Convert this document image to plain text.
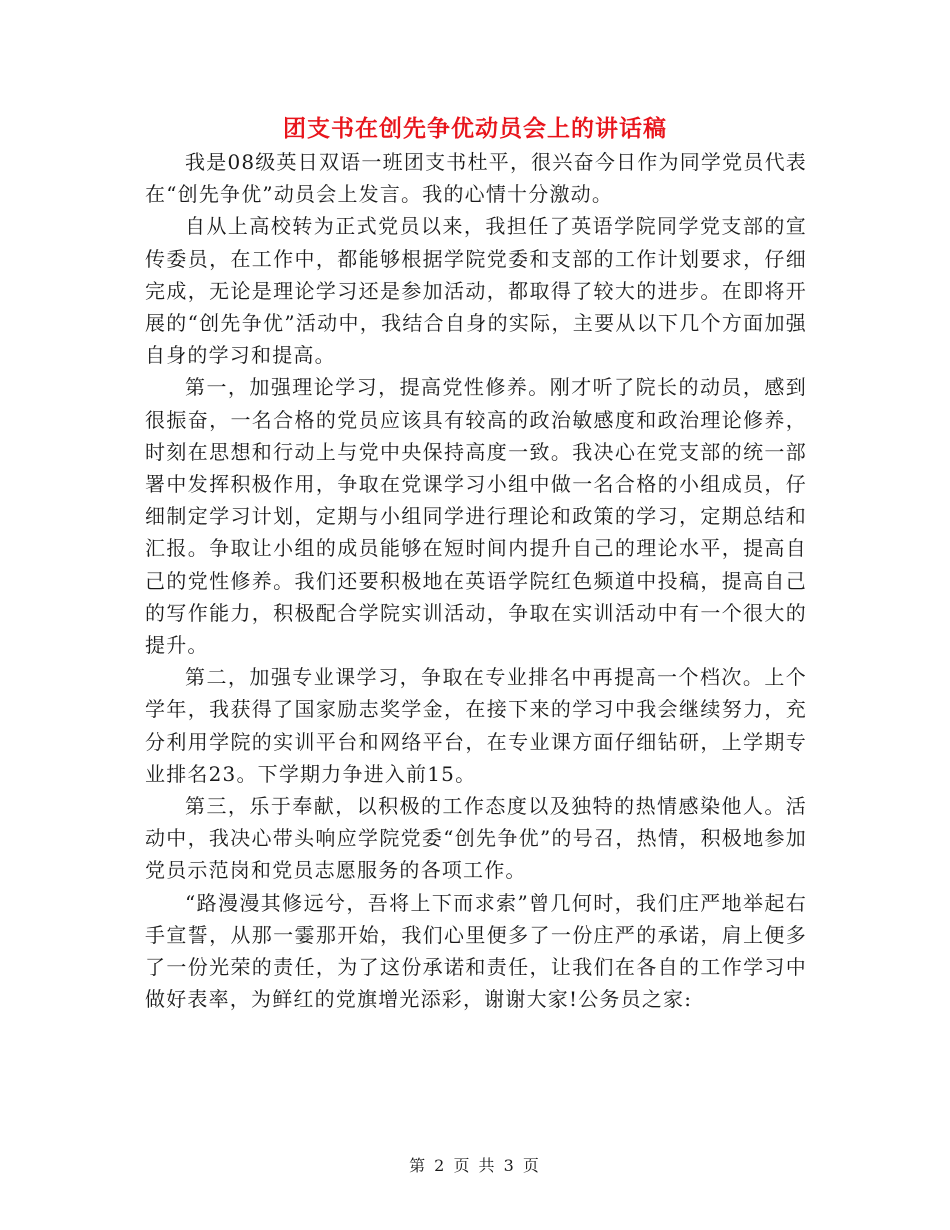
团支书在创先争优动员会上的讲话稿

我是08级英日双语一班团支书杜平，很兴奋今日作为同学党员代表在“创先争优”动员会上发言。我的心情十分激动。

自从上高校转为正式党员以来，我担任了英语学院同学党支部的宣传委员，在工作中，都能够根据学院党委和支部的工作计划要求，仔细完成，无论是理论学习还是参加活动，都取得了较大的进步。在即将开展的“创先争优”活动中，我结合自身的实际，主要从以下几个方面加强自身的学习和提高。

第一，加强理论学习，提高党性修养。刚才听了院长的动员，感到很振奋，一名合格的党员应该具有较高的政治敏感度和政治理论修养，时刻在思想和行动上与党中央保持高度一致。我决心在党支部的统一部署中发挥积极作用，争取在党课学习小组中做一名合格的小组成员，仔细制定学习计划，定期与小组同学进行理论和政策的学习，定期总结和汇报。争取让小组的成员能够在短时间内提升自己的理论水平，提高自己的党性修养。我们还要积极地在英语学院红色频道中投稿，提高自己的写作能力，积极配合学院实训活动，争取在实训活动中有一个很大的提升。

第二，加强专业课学习，争取在专业排名中再提高一个档次。上个学年，我获得了国家励志奖学金，在接下来的学习中我会继续努力，充分利用学院的实训平台和网络平台，在专业课方面仔细钻研，上学期专业排名23。下学期力争进入前15。

第三，乐于奉献，以积极的工作态度以及独特的热情感染他人。活动中，我决心带头响应学院党委“创先争优”的号召，热情，积极地参加党员示范岗和党员志愿服务的各项工作。

“路漫漫其修远兮，吾将上下而求索”曾几何时，我们庄严地举起右手宣誓，从那一霎那开始，我们心里便多了一份庄严的承诺，肩上便多了一份光荣的责任，为了这份承诺和责任，让我们在各自的工作学习中做好表率，为鲜红的党旗增光添彩，谢谢大家!公务员之家:

第 2 页 共 3 页
